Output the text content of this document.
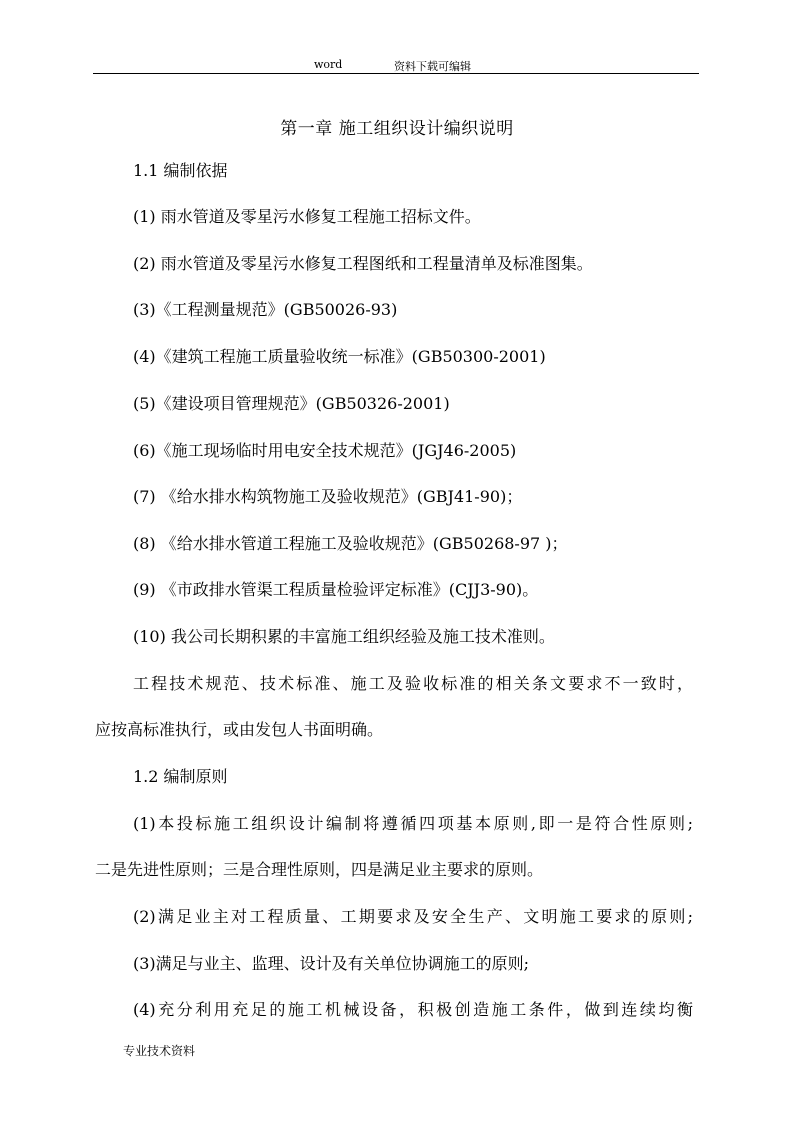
word	资料下载可编辑
第一章 施工组织设计编织说明
1.1 编制依据
(1) 雨水管道及零星污水修复工程施工招标文件。
(2) 雨水管道及零星污水修复工程图纸和工程量清单及标准图集。
(3)《工程测量规范》(GB50026-93)
(4)《建筑工程施工质量验收统一标准》(GB50300-2001)
(5)《建设项目管理规范》(GB50326-2001)
(6)《施工现场临时用电安全技术规范》(JGJ46-2005)
(7) 《给水排水构筑物施工及验收规范》(GBJ41-90)；
(8) 《给水排水管道工程施工及验收规范》(GB50268-97 )；
(9) 《市政排水管渠工程质量检验评定标准》(CJJ3-90)。
(10) 我公司长期积累的丰富施工组织经验及施工技术准则。
工程技术规范、技术标准、施工及验收标准的相关条文要求不一致时，
应按高标准执行，或由发包人书面明确。
1.2 编制原则
(1)本投标施工组织设计编制将遵循四项基本原则,即一是符合性原则;
二是先进性原则；三是合理性原则，四是满足业主要求的原则。
(2)满足业主对工程质量、工期要求及安全生产、文明施工要求的原则;
(3)满足与业主、监理、设计及有关单位协调施工的原则;
(4)充分利用充足的施工机械设备，积极创造施工条件，做到连续均衡
专业技术资料
